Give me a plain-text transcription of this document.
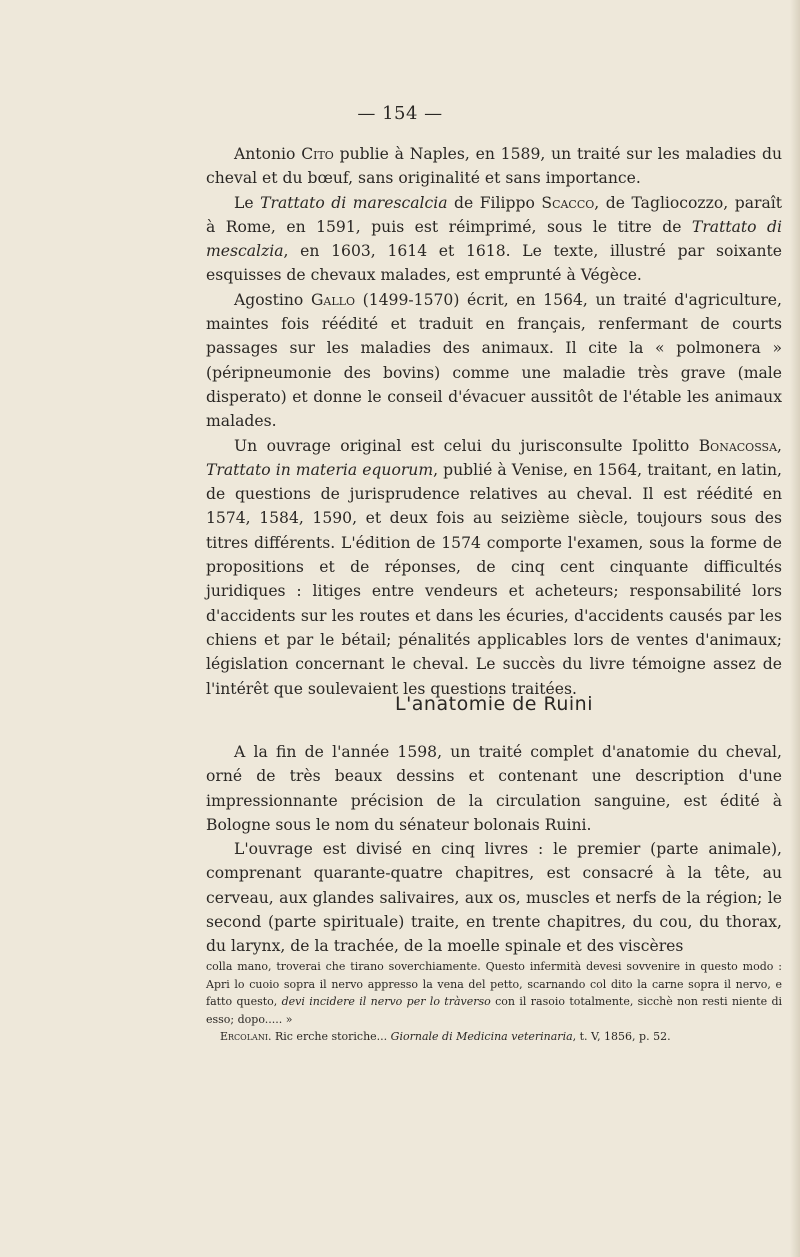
— 154 —

Antonio Cito publie à Naples, en 1589, un traité sur les maladies du cheval et du bœuf, sans originalité et sans importance.

Le Trattato di marescalcia de Filippo Scacco, de Tagliocozzo, paraît à Rome, en 1591, puis est réimprimé, sous le titre de Trattato di mescalzia, en 1603, 1614 et 1618. Le texte, illustré par soixante esquisses de chevaux malades, est emprunté à Végèce.

Agostino Gallo (1499-1570) écrit, en 1564, un traité d'agriculture, maintes fois réédité et traduit en français, renfermant de courts passages sur les maladies des animaux. Il cite la « polmonera » (péripneumonie des bovins) comme une maladie très grave (male disperato) et donne le conseil d'évacuer aussitôt de l'étable les animaux malades.

Un ouvrage original est celui du jurisconsulte Ipolitto Bonacossa, Trattato in materia equorum, publié à Venise, en 1564, traitant, en latin, de questions de jurisprudence relatives au cheval. Il est réédité en 1574, 1584, 1590, et deux fois au seizième siècle, toujours sous des titres différents. L'édition de 1574 comporte l'examen, sous la forme de propositions et de réponses, de cinq cent cinquante difficultés juridiques : litiges entre vendeurs et acheteurs; responsabilité lors d'accidents sur les routes et dans les écuries, d'accidents causés par les chiens et par le bétail; pénalités applicables lors de ventes d'animaux; législation concernant le cheval. Le succès du livre témoigne assez de l'intérêt que soulevaient les questions traitées.

L'anatomie de Ruini

A la fin de l'année 1598, un traité complet d'anatomie du cheval, orné de très beaux dessins et contenant une description d'une impressionnante précision de la circulation sanguine, est édité à Bologne sous le nom du sénateur bolonais Ruini.

L'ouvrage est divisé en cinq livres : le premier (parte animale), comprenant quarante-quatre chapitres, est consacré à la tête, au cerveau, aux glandes salivaires, aux os, muscles et nerfs de la région; le second (parte spirituale) traite, en trente chapitres, du cou, du thorax, du larynx, de la trachée, de la moelle spinale et des viscères

colla mano, troverai che tirano soverchiamente. Questo infermità devesi sovvenire in questo modo : Apri lo cuoio sopra il nervo appresso la vena del petto, scarnando col dito la carne sopra il nervo, e fatto questo, devi incidere il nervo per lo tràverso con il rasoio totalmente, sicchè non resti niente di esso; dopo..... »

Ercolani. Ric erche storiche... Giornale di Medicina veterinaria, t. V, 1856, p. 52.
